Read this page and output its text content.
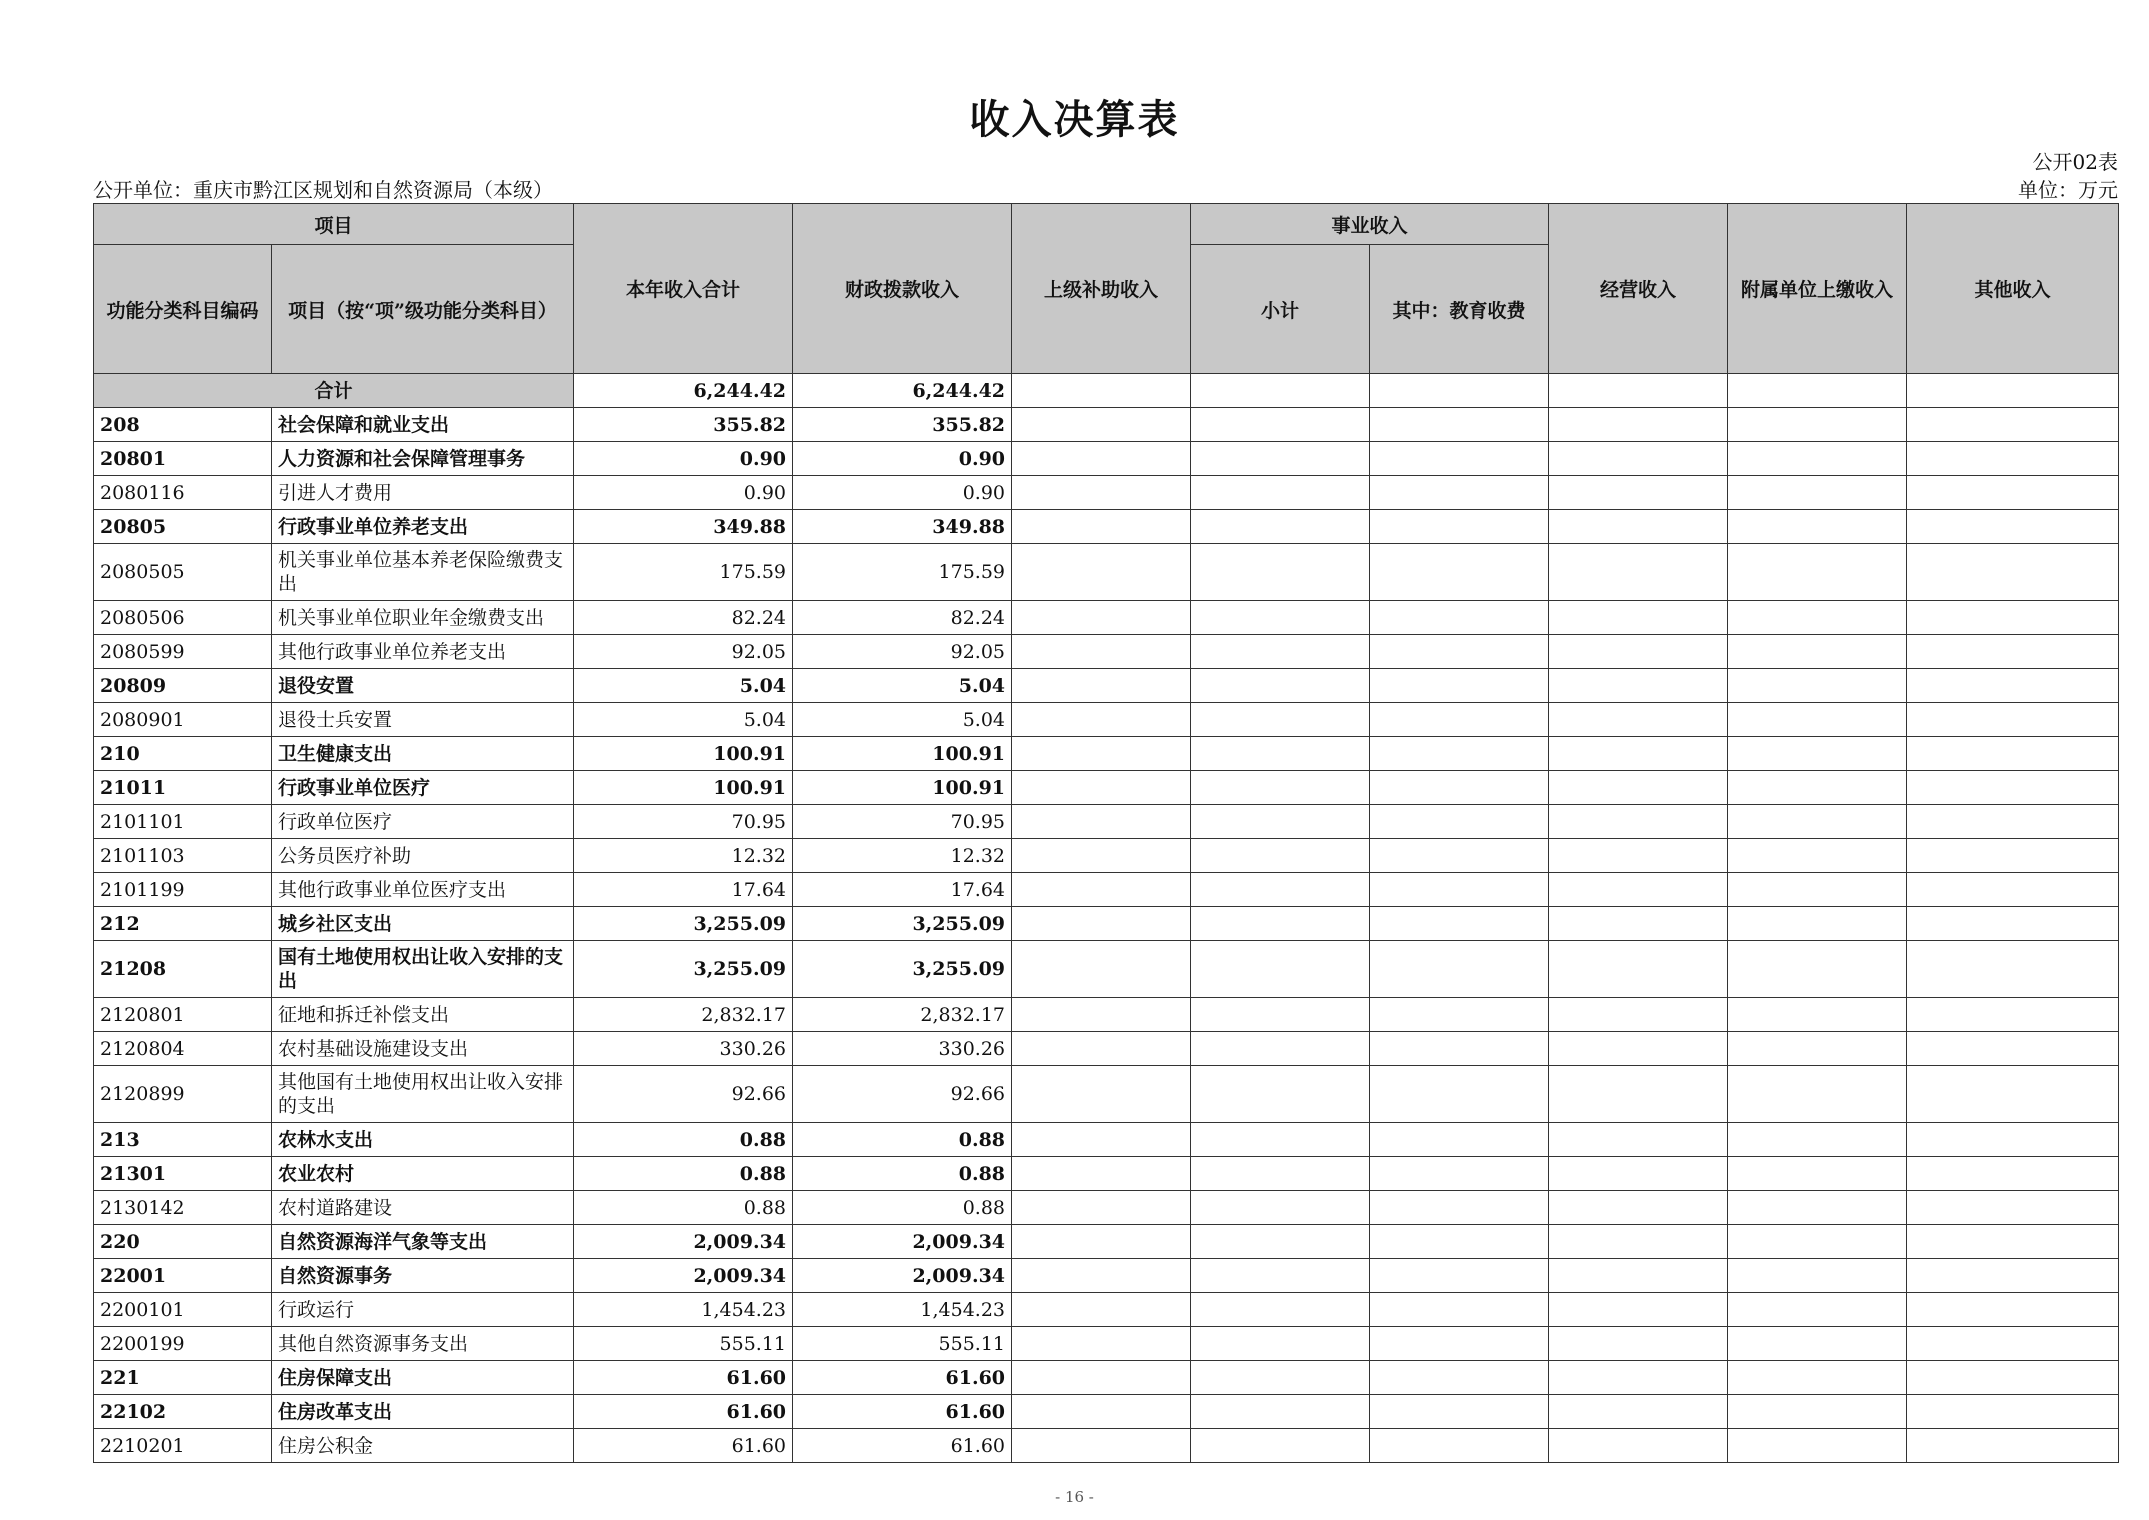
收入决算表
公开02表
公开单位：重庆市黔江区规划和自然资源局（本级）	单位：万元
项目		本年收入合计	财政拨款收入	上级补助收入	事业收入		经营收入	附属单位上缴收入	其他收入
功能分类科目编码	项目（按“项”级功能分类科目）				小计	其中：教育收费			
合计		6,244.42	6,244.42						
208	社会保障和就业支出	355.82	355.82						
20801	人力资源和社会保障管理事务	0.90	0.90						
2080116	引进人才费用	0.90	0.90						
20805	行政事业单位养老支出	349.88	349.88						
2080505	机关事业单位基本养老保险缴费支出	175.59	175.59						
2080506	机关事业单位职业年金缴费支出	82.24	82.24						
2080599	其他行政事业单位养老支出	92.05	92.05						
20809	退役安置	5.04	5.04						
2080901	退役士兵安置	5.04	5.04						
210	卫生健康支出	100.91	100.91						
21011	行政事业单位医疗	100.91	100.91						
2101101	行政单位医疗	70.95	70.95						
2101103	公务员医疗补助	12.32	12.32						
2101199	其他行政事业单位医疗支出	17.64	17.64						
212	城乡社区支出	3,255.09	3,255.09						
21208	国有土地使用权出让收入安排的支出	3,255.09	3,255.09						
2120801	征地和拆迁补偿支出	2,832.17	2,832.17						
2120804	农村基础设施建设支出	330.26	330.26						
2120899	其他国有土地使用权出让收入安排的支出	92.66	92.66						
213	农林水支出	0.88	0.88						
21301	农业农村	0.88	0.88						
2130142	农村道路建设	0.88	0.88						
220	自然资源海洋气象等支出	2,009.34	2,009.34						
22001	自然资源事务	2,009.34	2,009.34						
2200101	行政运行	1,454.23	1,454.23						
2200199	其他自然资源事务支出	555.11	555.11						
221	住房保障支出	61.60	61.60						
22102	住房改革支出	61.60	61.60						
2210201	住房公积金	61.60	61.60						
- 16 -
